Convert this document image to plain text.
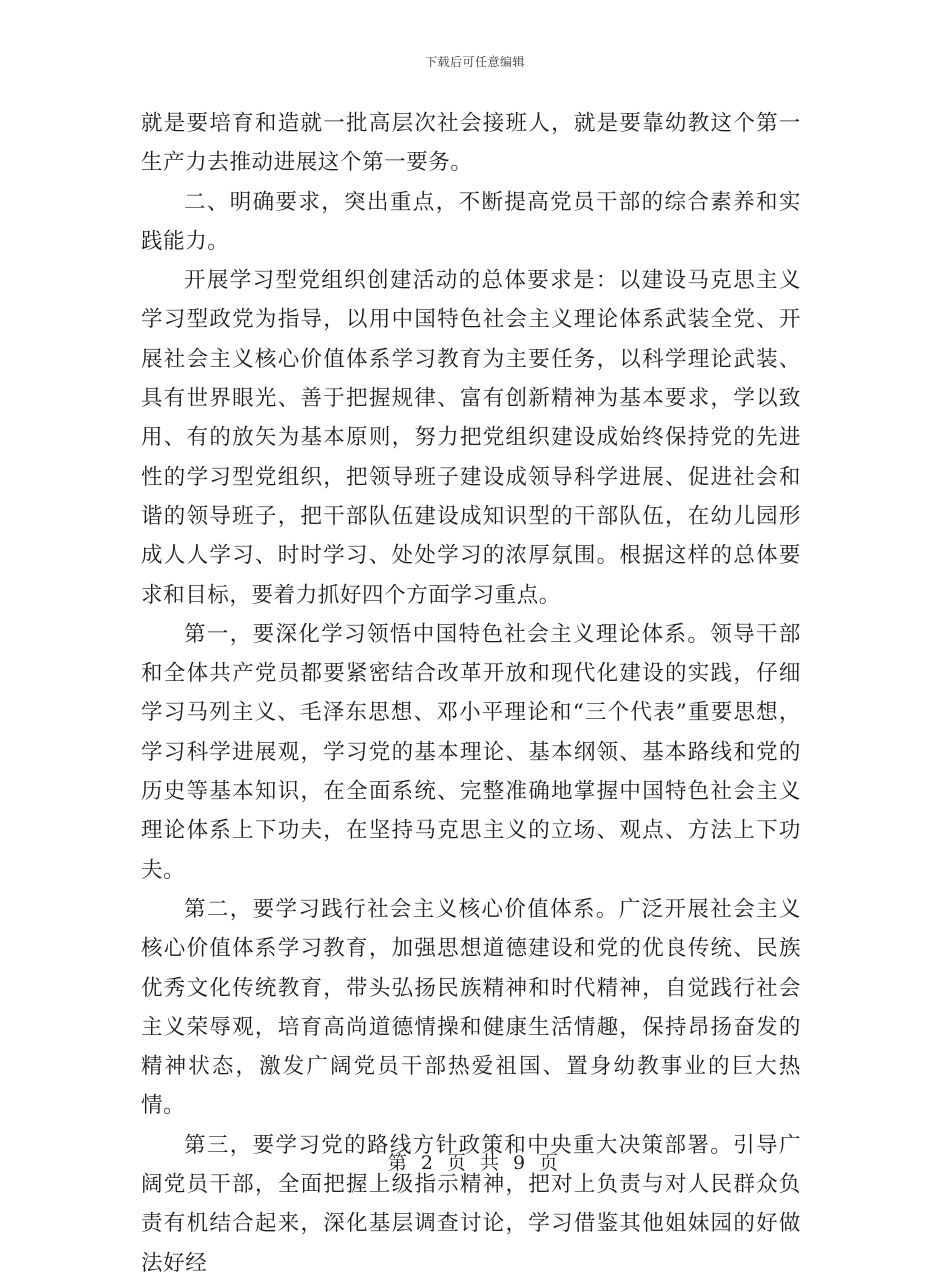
下载后可任意编辑

就是要培育和造就一批高层次社会接班人，就是要靠幼教这个第一生产力去推动进展这个第一要务。

二、明确要求，突出重点，不断提高党员干部的综合素养和实践能力。

开展学习型党组织创建活动的总体要求是：以建设马克思主义学习型政党为指导，以用中国特色社会主义理论体系武装全党、开展社会主义核心价值体系学习教育为主要任务，以科学理论武装、具有世界眼光、善于把握规律、富有创新精神为基本要求，学以致用、有的放矢为基本原则，努力把党组织建设成始终保持党的先进性的学习型党组织，把领导班子建设成领导科学进展、促进社会和谐的领导班子，把干部队伍建设成知识型的干部队伍，在幼儿园形成人人学习、时时学习、处处学习的浓厚氛围。根据这样的总体要求和目标，要着力抓好四个方面学习重点。

第一，要深化学习领悟中国特色社会主义理论体系。领导干部和全体共产党员都要紧密结合改革开放和现代化建设的实践，仔细学习马列主义、毛泽东思想、邓小平理论和“三个代表”重要思想，学习科学进展观，学习党的基本理论、基本纲领、基本路线和党的历史等基本知识，在全面系统、完整准确地掌握中国特色社会主义理论体系上下功夫，在坚持马克思主义的立场、观点、方法上下功夫。

第二，要学习践行社会主义核心价值体系。广泛开展社会主义核心价值体系学习教育，加强思想道德建设和党的优良传统、民族优秀文化传统教育，带头弘扬民族精神和时代精神，自觉践行社会主义荣辱观，培育高尚道德情操和健康生活情趣，保持昂扬奋发的精神状态，激发广阔党员干部热爱祖国、置身幼教事业的巨大热情。

第三，要学习党的路线方针政策和中央重大决策部署。引导广阔党员干部，全面把握上级指示精神，把对上负责与对人民群众负责有机结合起来，深化基层调查讨论，学习借鉴其他姐妹园的好做法好经

第 2 页 共 9 页
